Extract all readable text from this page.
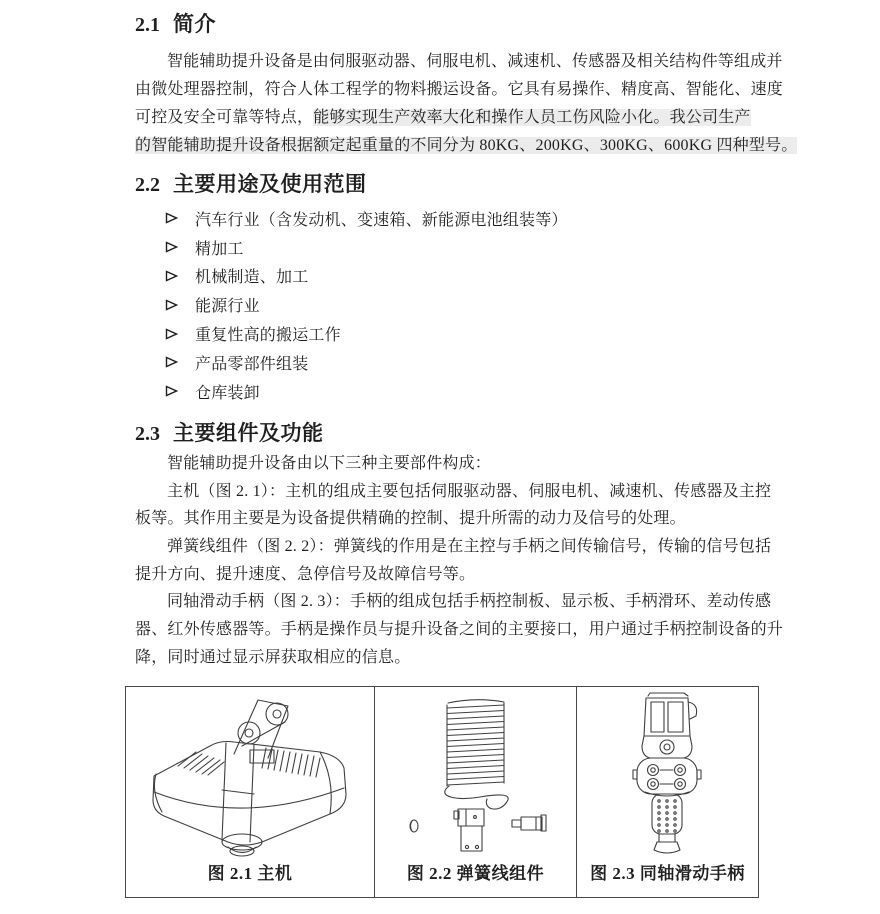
2.1 简介
智能辅助提升设备是由伺服驱动器、伺服电机、减速机、传感器及相关结构件等组成并
由微处理器控制，符合人体工程学的物料搬运设备。它具有易操作、精度高、智能化、速度
可控及安全可靠等特点，能够实现生产效率大化和操作人员工伤风险小化。我公司生产
的智能辅助提升设备根据额定起重量的不同分为 80KG、200KG、300KG、600KG 四种型号。
2.2 主要用途及使用范围
汽车行业（含发动机、变速箱、新能源电池组装等）
精加工
机械制造、加工
能源行业
重复性高的搬运工作
产品零部件组装
仓库装卸
2.3 主要组件及功能
智能辅助提升设备由以下三种主要部件构成：
主机（图 2. 1）：主机的组成主要包括伺服驱动器、伺服电机、减速机、传感器及主控
板等。其作用主要是为设备提供精确的控制、提升所需的动力及信号的处理。
弹簧线组件（图 2. 2）：弹簧线的作用是在主控与手柄之间传输信号，传输的信号包括
提升方向、提升速度、急停信号及故障信号等。
同轴滑动手柄（图 2. 3）：手柄的组成包括手柄控制板、显示板、手柄滑环、差动传感
器、红外传感器等。手柄是操作员与提升设备之间的主要接口，用户通过手柄控制设备的升
降，同时通过显示屏获取相应的信息。
图 2.1 主机	图 2.2 弹簧线组件	图 2.3 同轴滑动手柄
